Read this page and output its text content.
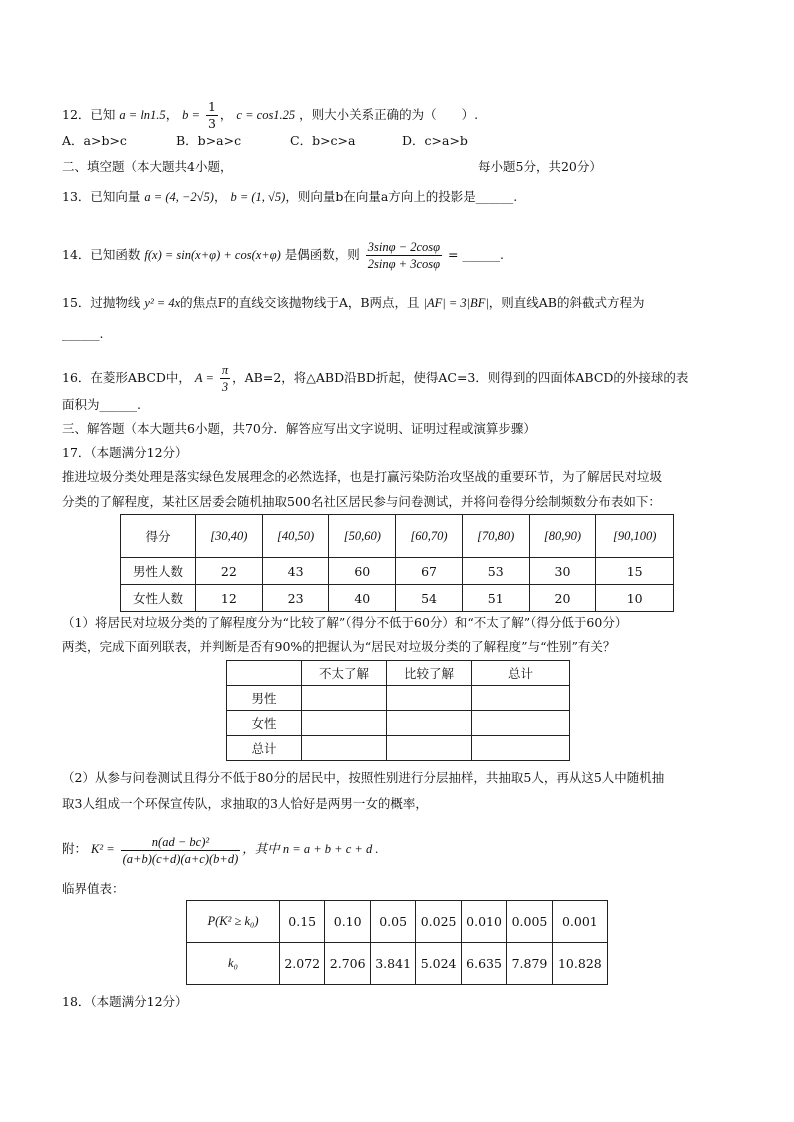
12．已知 a = ln1.5， $b = \frac{1}{3}$ ， c = cos1.25 ，则大小关系正确的为（　　）.
A．a>b>c	B．b>a>c	C．b>c>a	D．c>a>b
二、填空题（本大题共4小题，	每小题5分，共20分）
13．已知向量 a = (4, −2√5)， b = (1, √5)，则向量b在向量a方向上的投影是______.
14．已知函数 f(x) = sin(x+φ) + cos(x+φ) 是偶函数，则 $\frac{3\sin\varphi - 2\cos\varphi}{2\sin\varphi + 3\cos\varphi}$ = ______.
15．过抛物线 y² = 4x的焦点F的直线交该抛物线于A，B两点，且 |AF| = 3|BF|，则直线AB的斜截式方程为
______.
16．在菱形ABCD中， $A = \frac{\pi}{3}$ ，AB=2，将△ABD沿BD折起，使得AC=3．则得到的四面体ABCD的外接球的表
面积为______.
三、解答题（本大题共6小题，共70分．解答应写出文字说明、证明过程或演算步骤）
17．（本题满分12分）
推进垃圾分类处理是落实绿色发展理念的必然选择，也是打赢污染防治攻坚战的重要环节，为了解居民对垃圾
分类的了解程度，某社区居委会随机抽取500名社区居民参与问卷测试，并将问卷得分绘制频数分布表如下：
得分	[30,40)	[40,50)	[50,60)	[60,70)	[70,80)	[80,90)	[90,100)
男性人数	22	43	60	67	53	30	15
女性人数	12	23	40	54	51	20	10
（1）将居民对垃圾分类的了解程度分为“比较了解”（得分不低于60分）和“不太了解”（得分低于60分）
两类，完成下面列联表，并判断是否有90%的把握认为“居民对垃圾分类的了解程度”与“性别”有关？
	不太了解	比较了解	总计
男性			
女性			
总计			
（2）从参与问卷测试且得分不低于80分的居民中，按照性别进行分层抽样，共抽取5人，再从这5人中随机抽
取3人组成一个环保宣传队，求抽取的3人恰好是两男一女的概率，
附： $K^2 = \frac{\text{n(ad − bc)²}}{(a+b)(c+d)(a+c)(b+d)}$ ，其中 n = a + b + c + d .
临界值表：
P(K² ≥ k₀)	0.15	0.10	0.05	0.025	0.010	0.005	0.001
k₀	2.072	2.706	3.841	5.024	6.635	7.879	10.828
18．（本题满分12分）
